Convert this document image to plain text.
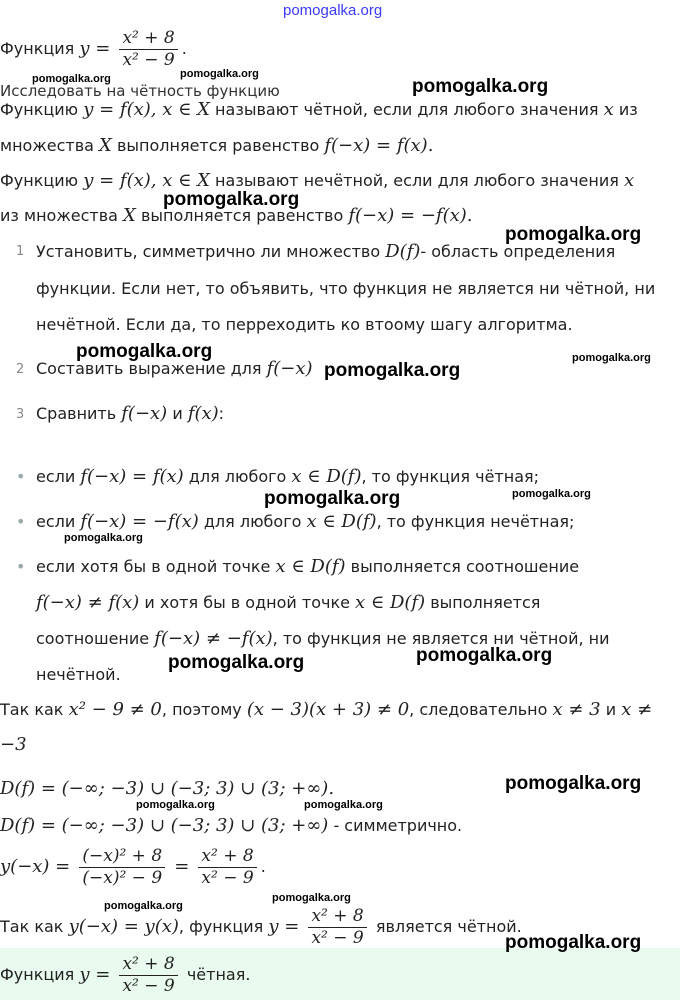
pomogalka.org
Функция $y = \frac{\text{x² + 8}}{\text{x² − 9}}$ .
Исследовать на чётность функцию
Функцию y = f(x), x ∈ X называют чётной, если для любого значения x из
множества X выполняется равенство f(−x) = f(x).
Функцию y = f(x), x ∈ X называют нечётной, если для любого значения x
из множества X выполняется равенство f(−x) = −f(x).
1 Установить, симметрично ли множество D(f)- область определения
функции. Если нет, то объявить, что функция не является ни чётной, ни
нечётной. Если да, то перреходить ко втоому шагу алгоритма.
2 Составить выражение для f(−x)
3 Сравнить f(−x) и f(x):
• если f(−x) = f(x) для любого x ∈ D(f), то функция чётная;
• если f(−x) = −f(x) для любого x ∈ D(f), то функция нечётная;
• если хотя бы в одной точке x ∈ D(f) выполняется соотношение
f(−x) ≠ f(x) и хотя бы в одной точке x ∈ D(f) выполняется
соотношение f(−x) ≠ −f(x), то функция не является ни чётной, ни
нечётной.
Так как x² − 9 ≠ 0, поэтому (x − 3)(x + 3) ≠ 0, следовательно x ≠ 3 и x ≠
−3
D(f) = (−∞; −3) ∪ (−3; 3) ∪ (3; +∞).
D(f) = (−∞; −3) ∪ (−3; 3) ∪ (3; +∞) - симметрично.
$y(-x) = \frac{\text{(−x)² + 8}}{\text{(−x)² − 9}} = \frac{\text{x² + 8}}{\text{x² − 9}}$ .
Так как y(−x) = y(x), функция $y = \frac{\text{x² + 8}}{\text{x² − 9}}$ является чётной.
Функция $y = \frac{\text{x² + 8}}{\text{x² − 9}}$ чётная.
pomogalka.org	pomogalka.org
pomogalka.org
pomogalka.org
pomogalka.org
pomogalka.org	pomogalka.org
pomogalka.org
pomogalka.org	pomogalka.org
pomogalka.org
pomogalka.org
pomogalka.org
pomogalka.org
pomogalka.org	pomogalka.org
pomogalka.org
pomogalka.org
pomogalka.org
